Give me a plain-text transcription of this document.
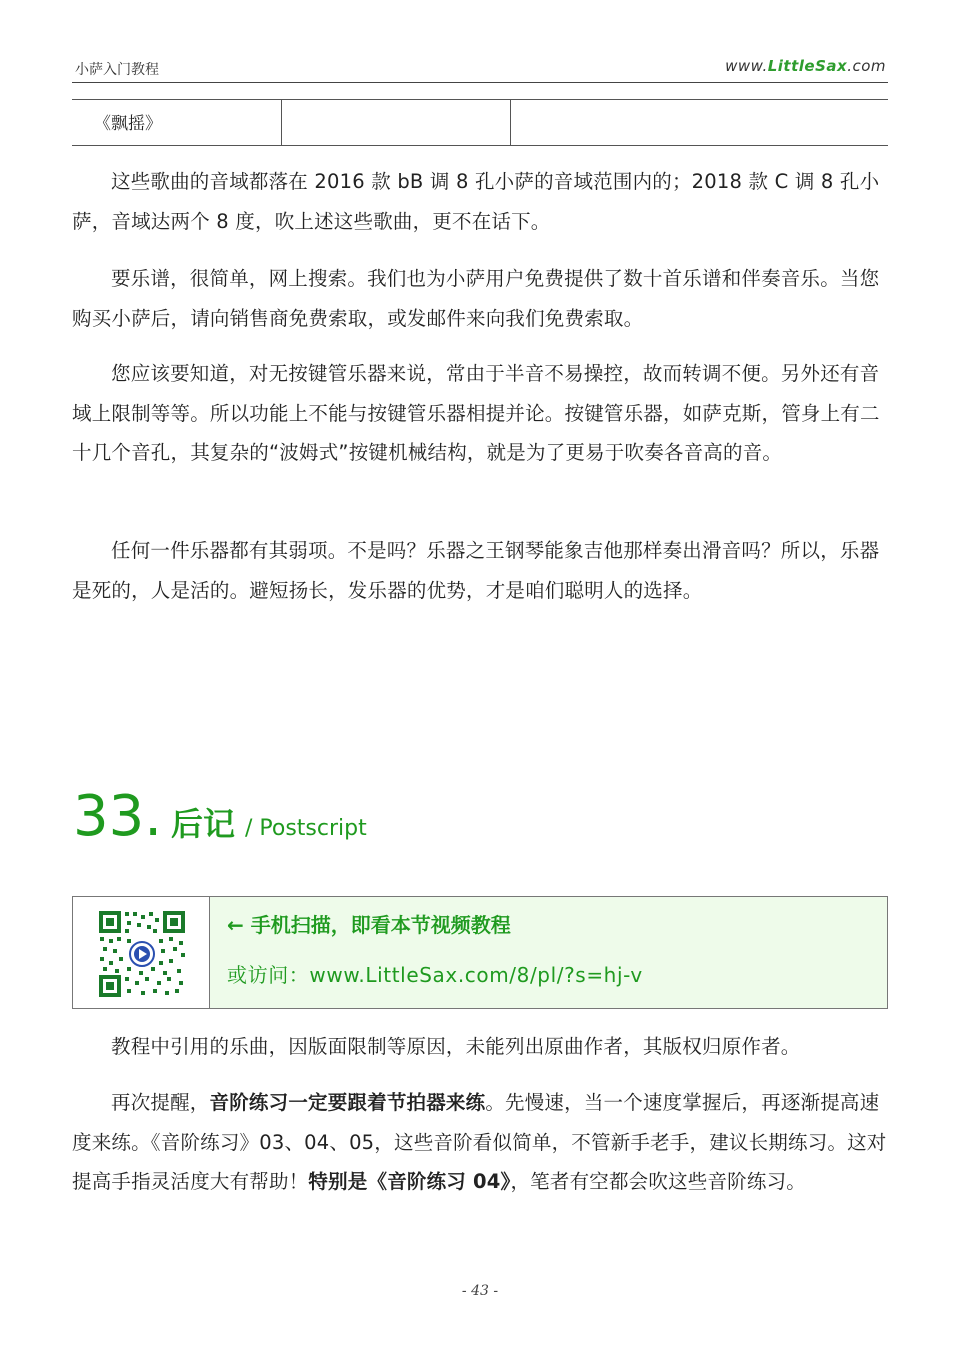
小萨入门教程	www.LittleSax.com
《飘摇》
这些歌曲的音域都落在 2016 款 bB 调 8 孔小萨的音域范围内的；2018 款 C 调 8 孔小萨，音域达两个 8 度，吹上述这些歌曲，更不在话下。
要乐谱，很简单，网上搜索。我们也为小萨用户免费提供了数十首乐谱和伴奏音乐。当您购买小萨后，请向销售商免费索取，或发邮件来向我们免费索取。
您应该要知道，对无按键管乐器来说，常由于半音不易操控，故而转调不便。另外还有音域上限制等等。所以功能上不能与按键管乐器相提并论。按键管乐器，如萨克斯，管身上有二十几个音孔，其复杂的“波姆式”按键机械结构，就是为了更易于吹奏各音高的音。
任何一件乐器都有其弱项。不是吗？乐器之王钢琴能象吉他那样奏出滑音吗？所以，乐器是死的，人是活的。避短扬长，发乐器的优势，才是咱们聪明人的选择。
33. 后记 / Postscript
← 手机扫描，即看本节视频教程
或访问：www.LittleSax.com/8/pl/?s=hj-v
教程中引用的乐曲，因版面限制等原因，未能列出原曲作者，其版权归原作者。
再次提醒，音阶练习一定要跟着节拍器来练。先慢速，当一个速度掌握后，再逐渐提高速度来练。《音阶练习》03、04、05，这些音阶看似简单，不管新手老手，建议长期练习。这对提高手指灵活度大有帮助！特别是《音阶练习 04》，笔者有空都会吹这些音阶练习。
- 43 -
